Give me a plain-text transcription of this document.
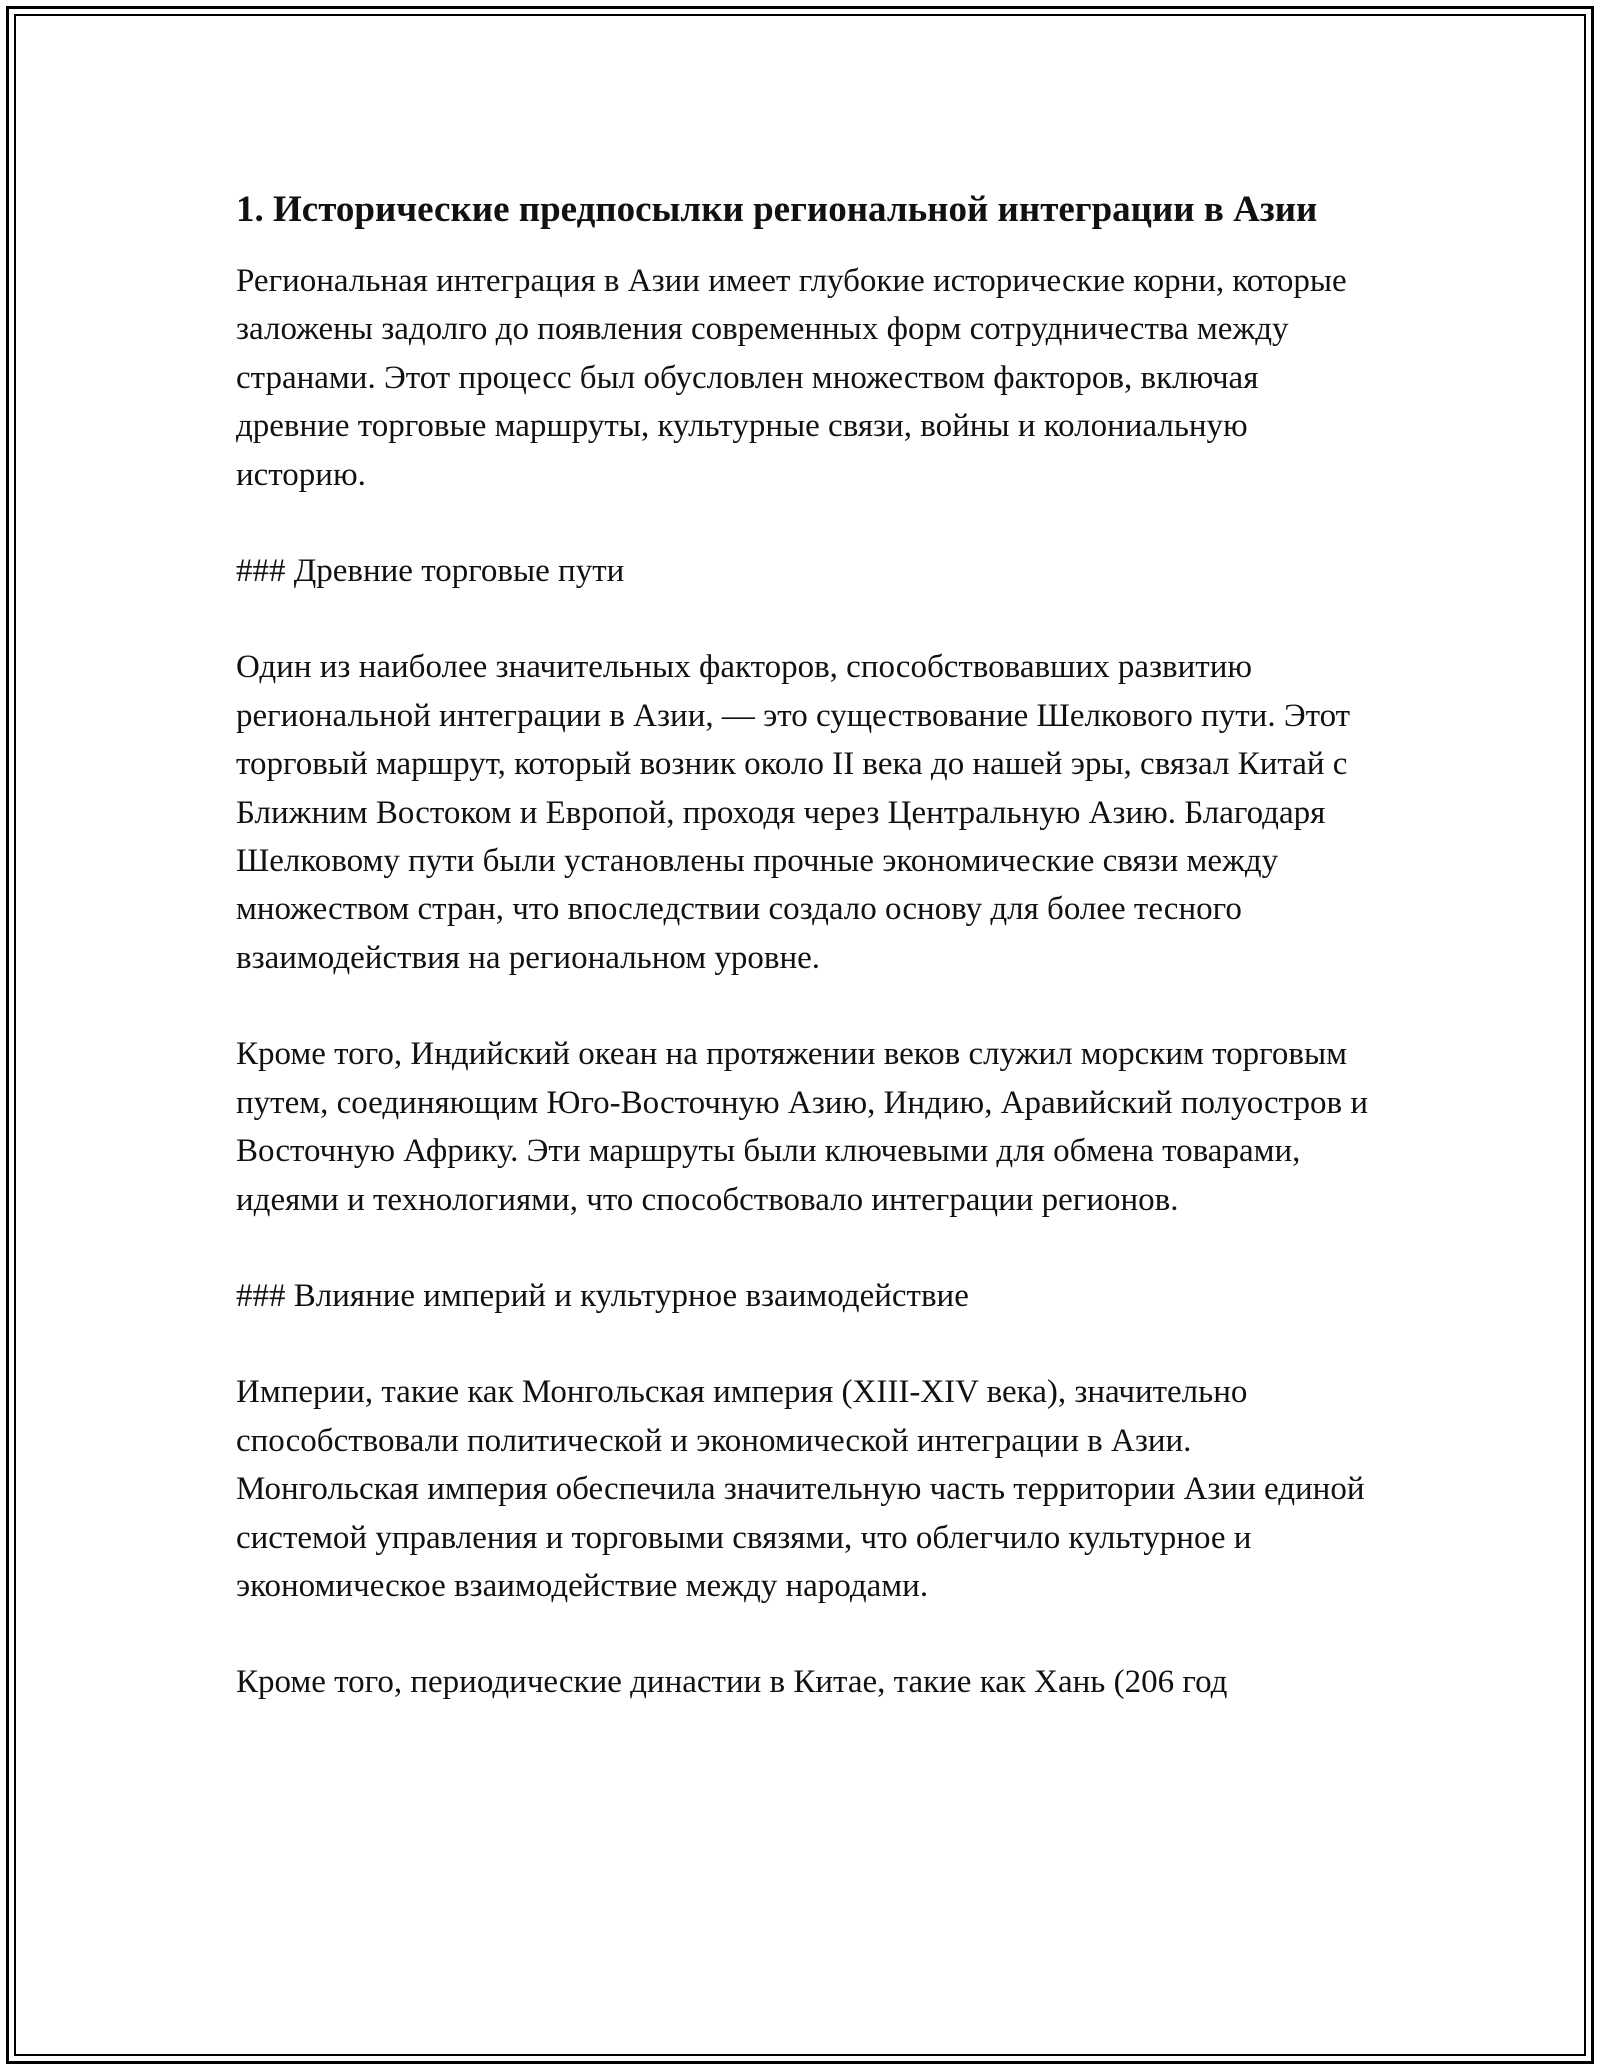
1. Исторические предпосылки региональной интеграции в Азии

Региональная интеграция в Азии имеет глубокие исторические корни, которые заложены задолго до появления современных форм сотрудничества между странами. Этот процесс был обусловлен множеством факторов, включая древние торговые маршруты, культурные связи, войны и колониальную историю.

### Древние торговые пути

Один из наиболее значительных факторов, способствовавших развитию региональной интеграции в Азии, — это существование Шелкового пути. Этот торговый маршрут, который возник около II века до нашей эры, связал Китай с Ближним Востоком и Европой, проходя через Центральную Азию. Благодаря Шелковому пути были установлены прочные экономические связи между множеством стран, что впоследствии создало основу для более тесного взаимодействия на региональном уровне.

Кроме того, Индийский океан на протяжении веков служил морским торговым путем, соединяющим Юго-Восточную Азию, Индию, Аравийский полуостров и Восточную Африку. Эти маршруты были ключевыми для обмена товарами, идеями и технологиями, что способствовало интеграции регионов.

### Влияние империй и культурное взаимодействие

Империи, такие как Монгольская империя (XIII-XIV века), значительно способствовали политической и экономической интеграции в Азии. Монгольская империя обеспечила значительную часть территории Азии единой системой управления и торговыми связями, что облегчило культурное и экономическое взаимодействие между народами.

Кроме того, периодические династии в Китае, такие как Хань (206 год
